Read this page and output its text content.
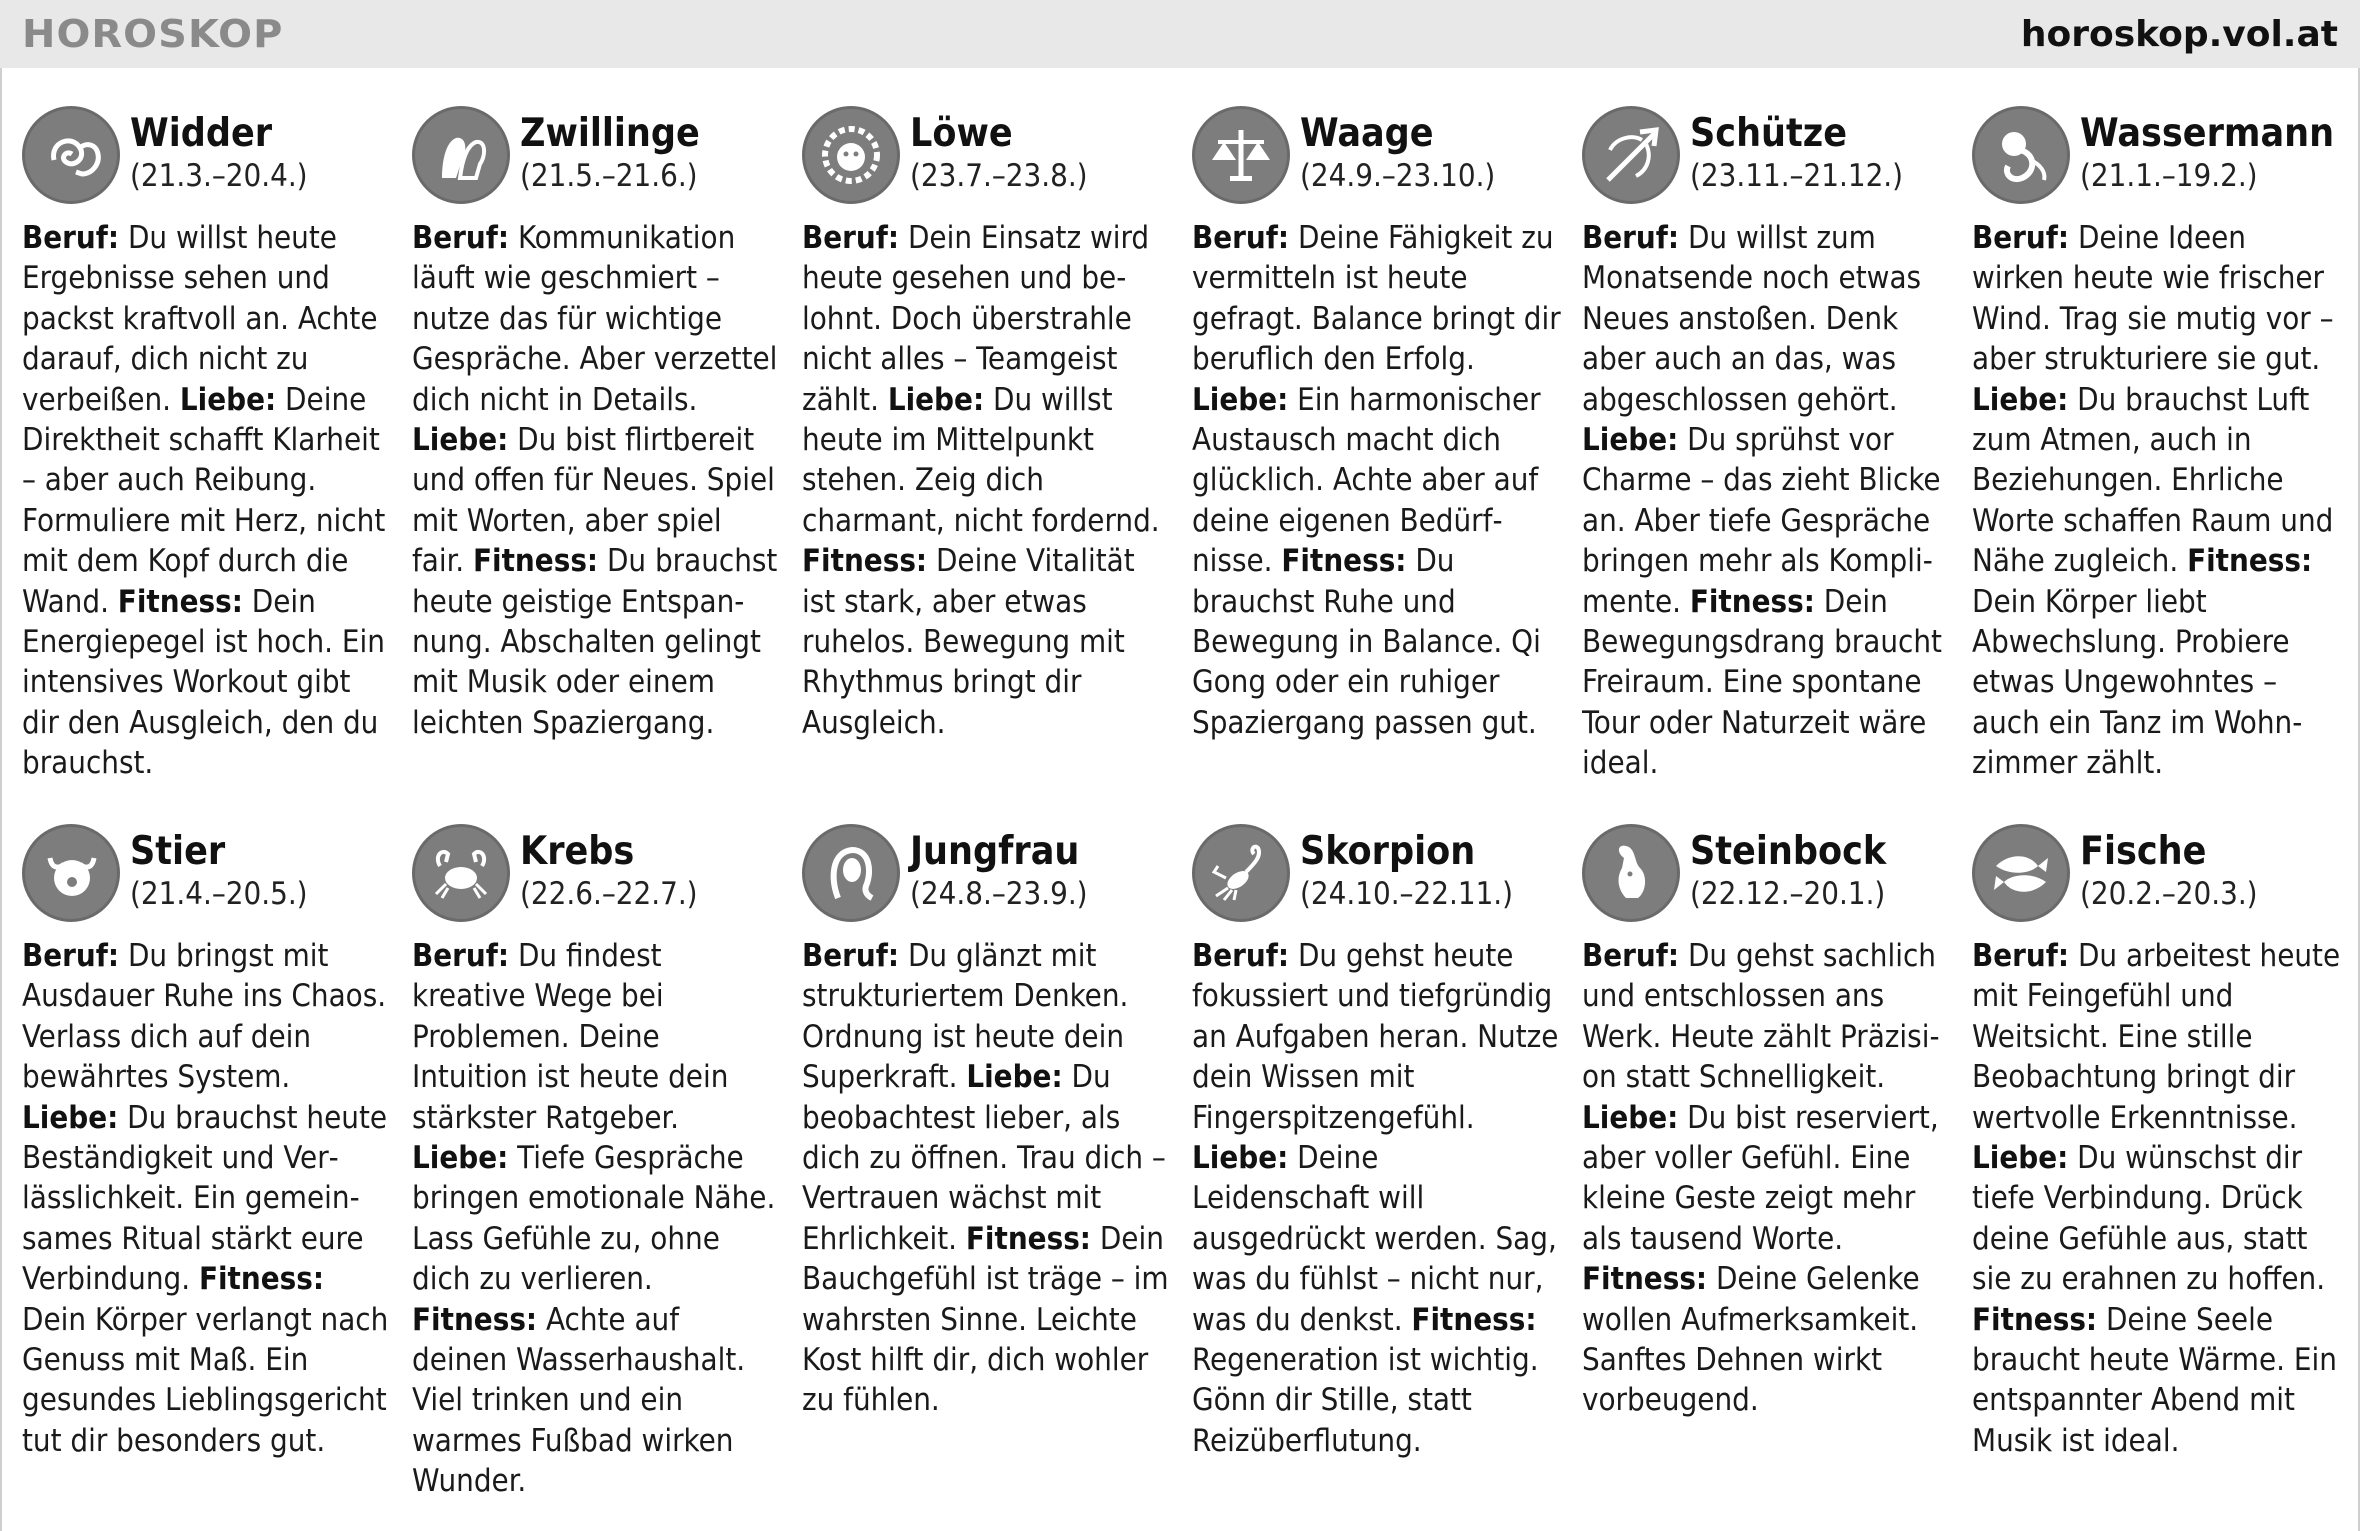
HOROSKOP	horoskop.vol.at
Widder
(21.3.–20.4.)
Beruf: Du willst heute Ergebnisse sehen und packst kraftvoll an. Achte darauf, dich nicht zu verbeißen. Liebe: Deine Direktheit schafft Klarheit – aber auch Reibung. Formuliere mit Herz, nicht mit dem Kopf durch die Wand. Fitness: Dein Energiepegel ist hoch. Ein intensives Workout gibt dir den Ausgleich, den du brauchst.
Zwillinge
(21.5.–21.6.)
Beruf: Kommunikation läuft wie geschmiert – nutze das für wichtige Gespräche. Aber verzettel dich nicht in Details. Liebe: Du bist flirtbereit und offen für Neues. Spiel mit Worten, aber spiel fair. Fitness: Du brauchst heute geistige Entspannung. Abschalten gelingt mit Musik oder einem leichten Spaziergang.
Löwe
(23.7.–23.8.)
Beruf: Dein Einsatz wird heute gesehen und belohnt. Doch überstrahle nicht alles – Teamgeist zählt. Liebe: Du willst heute im Mittelpunkt stehen. Zeig dich charmant, nicht fordernd. Fitness: Deine Vitalität ist stark, aber etwas ruhelos. Bewegung mit Rhythmus bringt dir Ausgleich.
Waage
(24.9.–23.10.)
Beruf: Deine Fähigkeit zu vermitteln ist heute gefragt. Balance bringt dir beruflich den Erfolg. Liebe: Ein harmonischer Austausch macht dich glücklich. Achte aber auf deine eigenen Bedürfnisse. Fitness: Du brauchst Ruhe und Bewegung in Balance. Qi Gong oder ein ruhiger Spaziergang passen gut.
Schütze
(23.11.–21.12.)
Beruf: Du willst zum Monatsende noch etwas Neues anstoßen. Denk aber auch an das, was abgeschlossen gehört. Liebe: Du sprühst vor Charme – das zieht Blicke an. Aber tiefe Gespräche bringen mehr als Komplimente. Fitness: Dein Bewegungsdrang braucht Freiraum. Eine spontane Tour oder Naturzeit wäre ideal.
Wassermann
(21.1.–19.2.)
Beruf: Deine Ideen wirken heute wie frischer Wind. Trag sie mutig vor – aber strukturiere sie gut. Liebe: Du brauchst Luft zum Atmen, auch in Beziehungen. Ehrliche Worte schaffen Raum und Nähe zugleich. Fitness: Dein Körper liebt Abwechslung. Probiere etwas Ungewohntes – auch ein Tanz im Wohnzimmer zählt.
Stier
(21.4.–20.5.)
Beruf: Du bringst mit Ausdauer Ruhe ins Chaos. Verlass dich auf dein bewährtes System. Liebe: Du brauchst heute Beständigkeit und Verlässlichkeit. Ein gemeinsames Ritual stärkt eure Verbindung. Fitness: Dein Körper verlangt nach Genuss mit Maß. Ein gesundes Lieblingsgericht tut dir besonders gut.
Krebs
(22.6.–22.7.)
Beruf: Du findest kreative Wege bei Problemen. Deine Intuition ist heute dein stärkster Ratgeber. Liebe: Tiefe Gespräche bringen emotionale Nähe. Lass Gefühle zu, ohne dich zu verlieren. Fitness: Achte auf deinen Wasserhaushalt. Viel trinken und ein warmes Fußbad wirken Wunder.
Jungfrau
(24.8.–23.9.)
Beruf: Du glänzt mit strukturiertem Denken. Ordnung ist heute dein Superkraft. Liebe: Du beobachtest lieber, als dich zu öffnen. Trau dich – Vertrauen wächst mit Ehrlichkeit. Fitness: Dein Bauchgefühl ist träge – im wahrsten Sinne. Leichte Kost hilft dir, dich wohler zu fühlen.
Skorpion
(24.10.–22.11.)
Beruf: Du gehst heute fokussiert und tiefgründig an Aufgaben heran. Nutze dein Wissen mit Fingerspitzengefühl. Liebe: Deine Leidenschaft will ausgedrückt werden. Sag, was du fühlst – nicht nur, was du denkst. Fitness: Regeneration ist wichtig. Gönn dir Stille, statt Reizüberflutung.
Steinbock
(22.12.–20.1.)
Beruf: Du gehst sachlich und entschlossen ans Werk. Heute zählt Präzision statt Schnelligkeit. Liebe: Du bist reserviert, aber voller Gefühl. Eine kleine Geste zeigt mehr als tausend Worte. Fitness: Deine Gelenke wollen Aufmerksamkeit. Sanftes Dehnen wirkt vorbeugend.
Fische
(20.2.–20.3.)
Beruf: Du arbeitest heute mit Feingefühl und Weitsicht. Eine stille Beobachtung bringt dir wertvolle Erkenntnisse. Liebe: Du wünschst dir tiefe Verbindung. Drück deine Gefühle aus, statt sie zu erahnen zu hoffen. Fitness: Deine Seele braucht heute Wärme. Ein entspannter Abend mit Musik ist ideal.
